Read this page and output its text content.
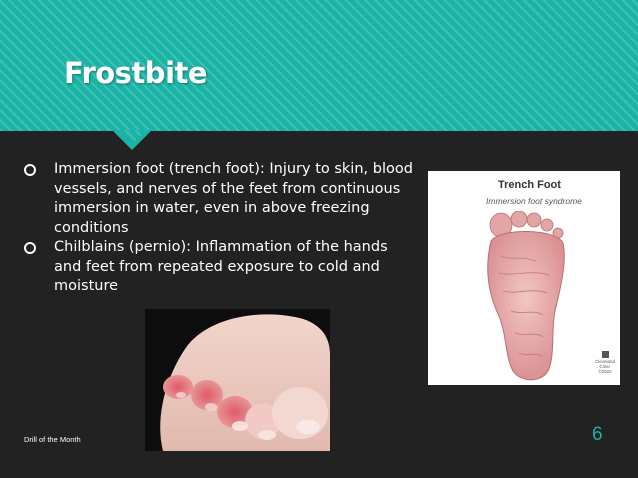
Frostbite
Immersion foot (trench foot): Injury to skin, blood vessels, and nerves of the feet from continuous immersion in water, even in above freezing conditions
Chilblains (pernio): Inflammation of the hands and feet from repeated exposure to cold and moisture
Trench Foot
Immersion foot syndrome
Cleveland
Clinic
©2022
Drill of the Month	6
